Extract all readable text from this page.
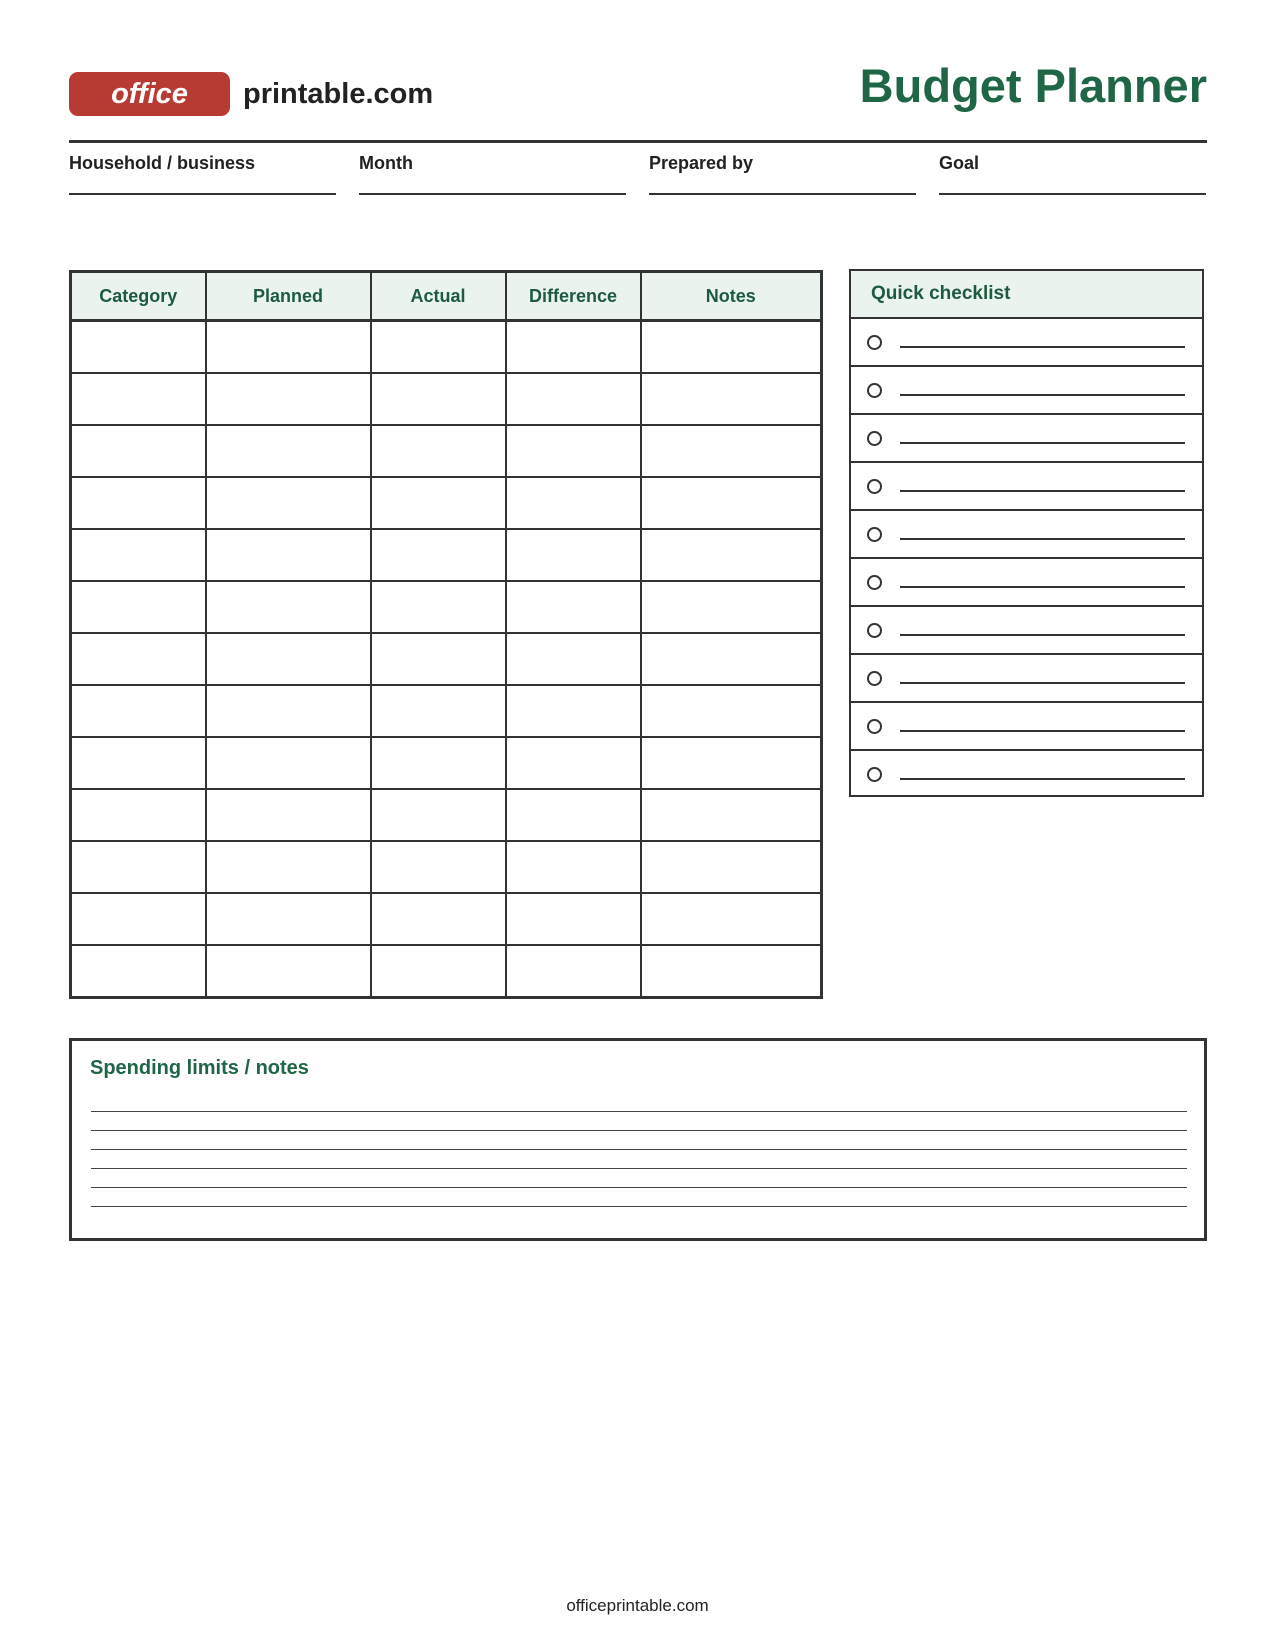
office	printable.com	Budget Planner
Household / business	Month	Prepared by	Goal
Category	Planned	Actual	Difference	Notes

					Quick checklist
Spending limits / notes
officeprintable.com
